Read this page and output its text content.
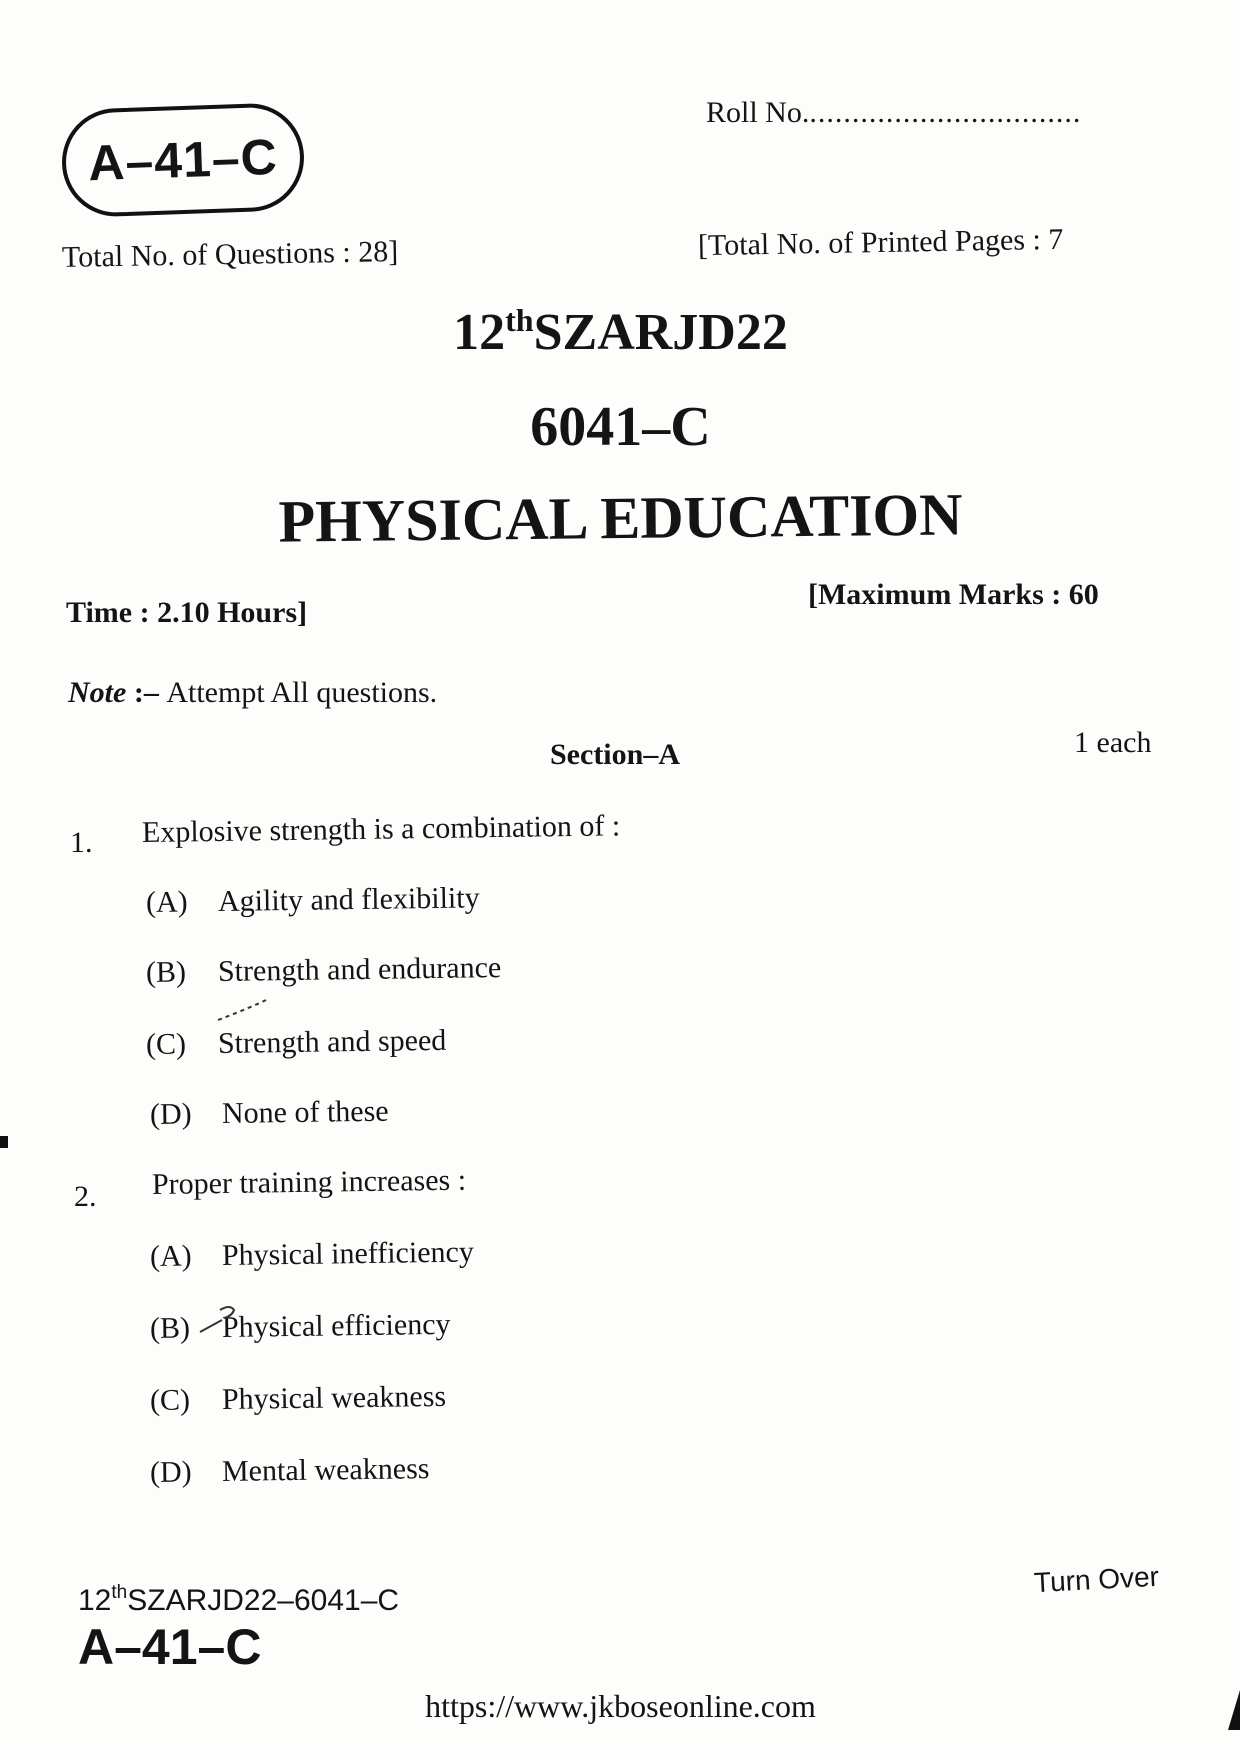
A–41–C
Roll No.................................
Total No. of Questions : 28]	[Total No. of Printed Pages : 7
12thSZARJD22
6041–C
PHYSICAL EDUCATION
Time : 2.10 Hours]
[Maximum Marks : 60
Note :– Attempt All questions.
Section–A	1 each
1. Explosive strength is a combination of :
(A) Agility and flexibility
(B) Strength and endurance
(C) Strength and speed
(D) None of these
2. Proper training increases :
(A) Physical inefficiency
(B) Physical efficiency
(C) Physical weakness
(D) Mental weakness
12thSZARJD22–6041–C
A–41–C
Turn Over
https://www.jkboseonline.com
